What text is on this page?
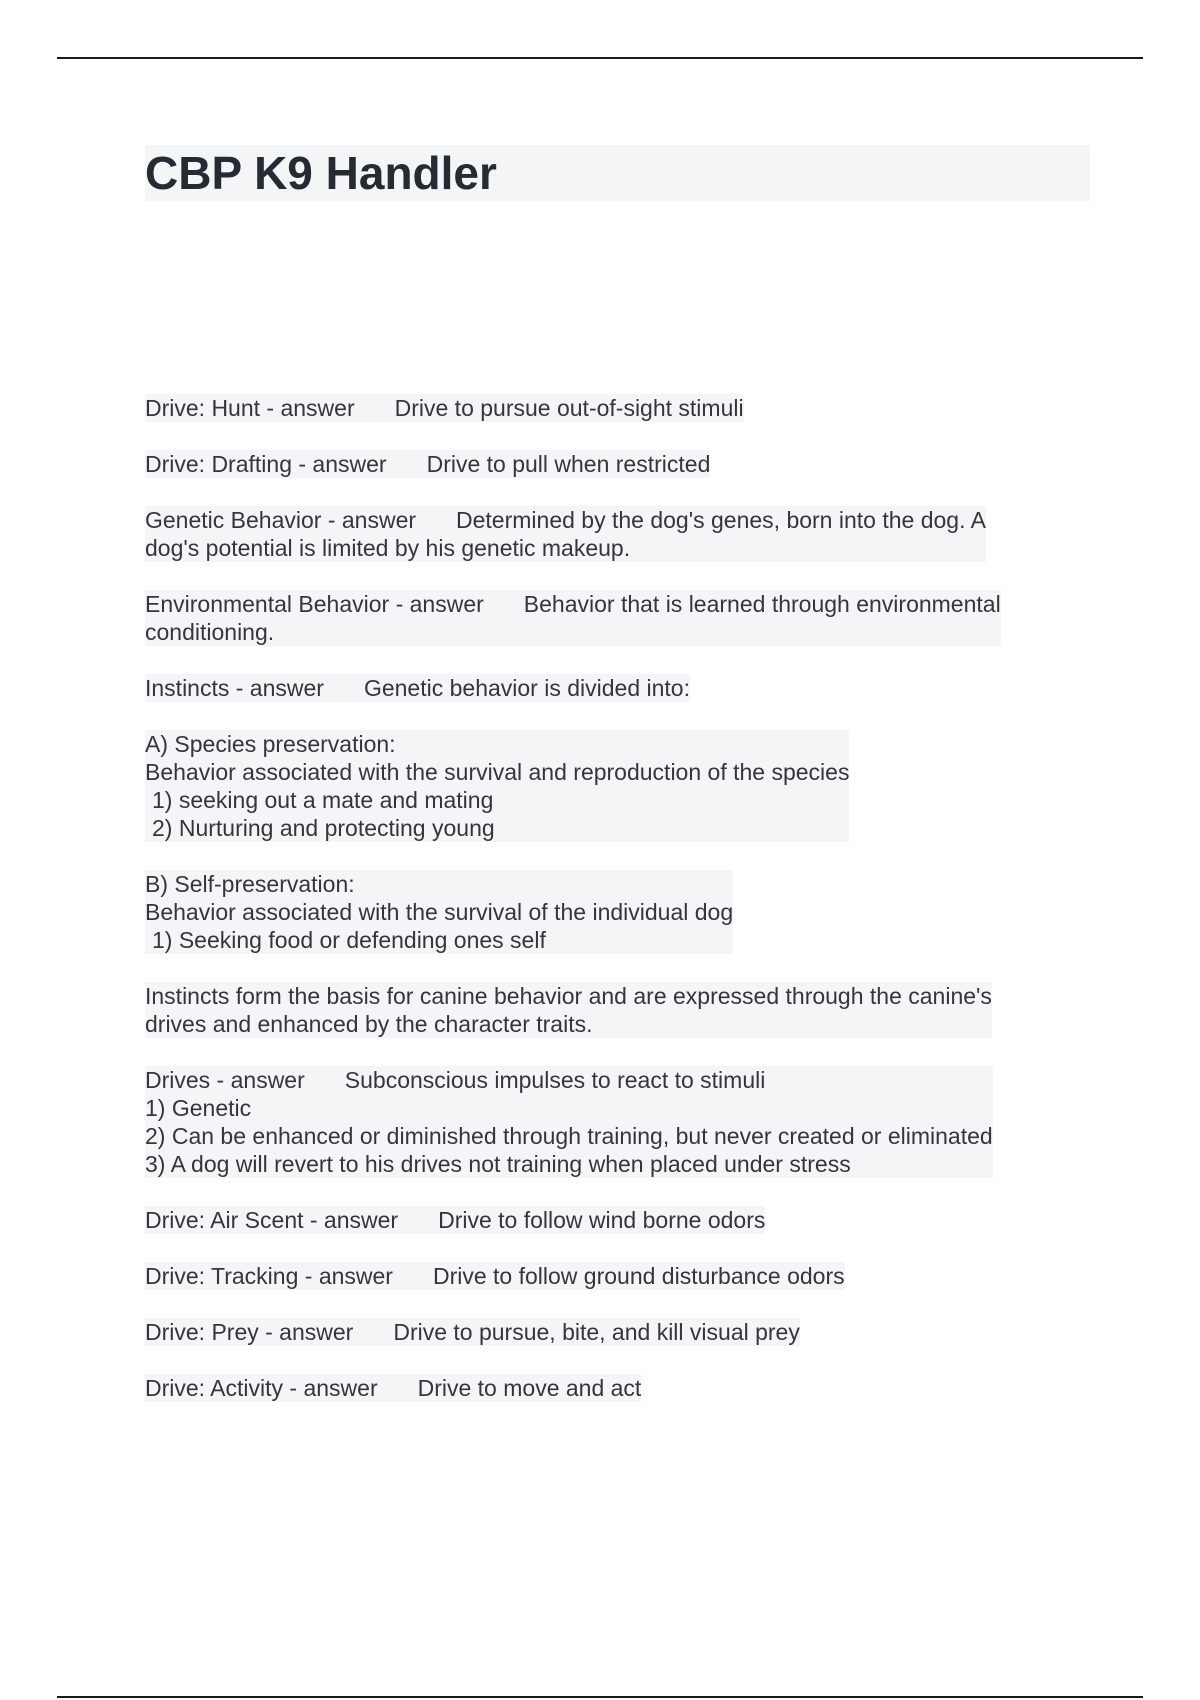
CBP K9 Handler
Drive: Hunt - answer Drive to pursue out-of-sight stimuli
Drive: Drafting - answer Drive to pull when restricted
Genetic Behavior - answer Determined by the dog's genes, born into the dog. A
dog's potential is limited by his genetic makeup.
Environmental Behavior - answer Behavior that is learned through environmental
conditioning.
Instincts - answer Genetic behavior is divided into:
A) Species preservation:
Behavior associated with the survival and reproduction of the species
1) seeking out a mate and mating
2) Nurturing and protecting young
B) Self-preservation:
Behavior associated with the survival of the individual dog
1) Seeking food or defending ones self
Instincts form the basis for canine behavior and are expressed through the canine's
drives and enhanced by the character traits.
Drives - answer Subconscious impulses to react to stimuli
1) Genetic
2) Can be enhanced or diminished through training, but never created or eliminated
3) A dog will revert to his drives not training when placed under stress
Drive: Air Scent - answer Drive to follow wind borne odors
Drive: Tracking - answer Drive to follow ground disturbance odors
Drive: Prey - answer Drive to pursue, bite, and kill visual prey
Drive: Activity - answer Drive to move and act
